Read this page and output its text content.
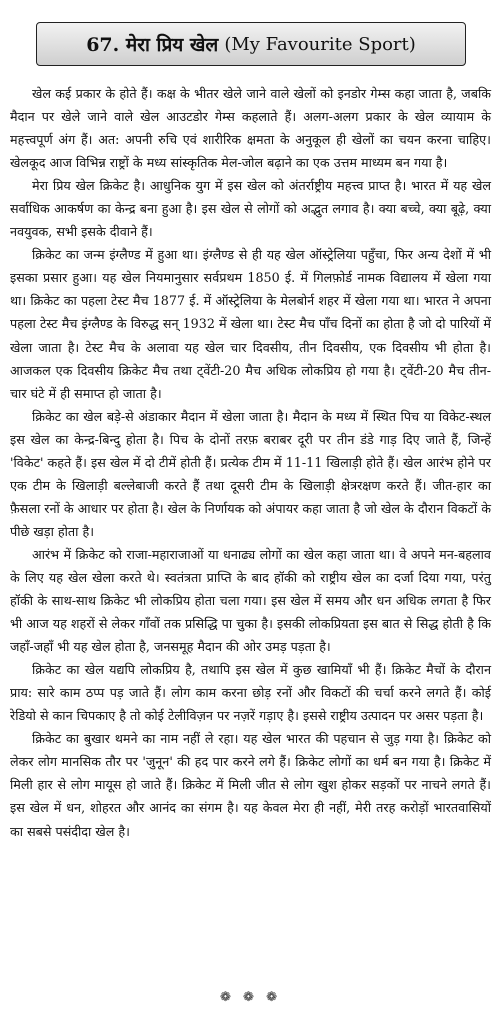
67. मेरा प्रिय खेल (My Favourite Sport)

खेल कई प्रकार के होते हैं। कक्ष के भीतर खेले जाने वाले खेलों को इनडोर गेम्स कहा जाता है, जबकि मैदान पर खेले जाने वाले खेल आउटडोर गेम्स कहलाते हैं। अलग-अलग प्रकार के खेल व्यायाम के महत्त्वपूर्ण अंग हैं। अत: अपनी रुचि एवं शारीरिक क्षमता के अनुकूल ही खेलों का चयन करना चाहिए। खेलकूद आज विभिन्न राष्ट्रों के मध्य सांस्कृतिक मेल-जोल बढ़ाने का एक उत्तम माध्यम बन गया है।

मेरा प्रिय खेल क्रिकेट है। आधुनिक युग में इस खेल को अंतर्राष्ट्रीय महत्त्व प्राप्त है। भारत में यह खेल सर्वाधिक आकर्षण का केन्द्र बना हुआ है। इस खेल से लोगों को अद्भुत लगाव है। क्या बच्चे, क्या बूढ़े, क्या नवयुवक, सभी इसके दीवाने हैं।

क्रिकेट का जन्म इंग्लैण्ड में हुआ था। इंग्लैण्ड से ही यह खेल ऑस्ट्रेलिया पहुँचा, फिर अन्य देशों में भी इसका प्रसार हुआ। यह खेल नियमानुसार सर्वप्रथम 1850 ई. में गिलफ़ोर्ड नामक विद्यालय में खेला गया था। क्रिकेट का पहला टेस्ट मैच 1877 ई. में ऑस्ट्रेलिया के मेलबोर्न शहर में खेला गया था। भारत ने अपना पहला टेस्ट मैच इंग्लैण्ड के विरुद्ध सन् 1932 में खेला था। टेस्ट मैच पाँच दिनों का होता है जो दो पारियों में खेला जाता है। टेस्ट मैच के अलावा यह खेल चार दिवसीय, तीन दिवसीय, एक दिवसीय भी होता है। आजकल एक दिवसीय क्रिकेट मैच तथा ट्वेंटी-20 मैच अधिक लोकप्रिय हो गया है। ट्वेंटी-20 मैच तीन-चार घंटे में ही समाप्त हो जाता है।

क्रिकेट का खेल बड़े-से अंडाकार मैदान में खेला जाता है। मैदान के मध्य में स्थित पिच या विकेट-स्थल इस खेल का केन्द्र-बिन्दु होता है। पिच के दोनों तरफ़ बराबर दूरी पर तीन डंडे गाड़ दिए जाते हैं, जिन्हें 'विकेट' कहते हैं। इस खेल में दो टीमें होती हैं। प्रत्येक टीम में 11-11 खिलाड़ी होते हैं। खेल आरंभ होने पर एक टीम के खिलाड़ी बल्लेबाजी करते हैं तथा दूसरी टीम के खिलाड़ी क्षेत्ररक्षण करते हैं। जीत-हार का फ़ैसला रनों के आधार पर होता है। खेल के निर्णायक को अंपायर कहा जाता है जो खेल के दौरान विकटों के पीछे खड़ा होता है।

आरंभ में क्रिकेट को राजा-महाराजाओं या धनाढ्य लोगों का खेल कहा जाता था। वे अपने मन-बहलाव के लिए यह खेल खेला करते थे। स्वतंत्रता प्राप्ति के बाद हॉकी को राष्ट्रीय खेल का दर्जा दिया गया, परंतु हॉकी के साथ-साथ क्रिकेट भी लोकप्रिय होता चला गया। इस खेल में समय और धन अधिक लगता है फिर भी आज यह शहरों से लेकर गाँवों तक प्रसिद्धि पा चुका है। इसकी लोकप्रियता इस बात से सिद्ध होती है कि जहाँ-जहाँ भी यह खेल होता है, जनसमूह मैदान की ओर उमड़ पड़ता है।

क्रिकेट का खेल यद्यपि लोकप्रिय है, तथापि इस खेल में कुछ खामियाँ भी हैं। क्रिकेट मैचों के दौरान प्राय: सारे काम ठप्प पड़ जाते हैं। लोग काम करना छोड़ रनों और विकटों की चर्चा करने लगते हैं। कोई रेडियो से कान चिपकाए है तो कोई टेलीविज़न पर नज़रें गड़ाए है। इससे राष्ट्रीय उत्पादन पर असर पड़ता है।

क्रिकेट का बुखार थमने का नाम नहीं ले रहा। यह खेल भारत की पहचान से जुड़ गया है। क्रिकेट को लेकर लोग मानसिक तौर पर 'जुनून' की हद पार करने लगे हैं। क्रिकेट लोगों का धर्म बन गया है। क्रिकेट में मिली हार से लोग मायूस हो जाते हैं। क्रिकेट में मिली जीत से लोग खुश होकर सड़कों पर नाचने लगते हैं। इस खेल में धन, शोहरत और आनंद का संगम है। यह केवल मेरा ही नहीं, मेरी तरह करोड़ों भारतवासियों का सबसे पसंदीदा खेल है।

❁ ❁ ❁
